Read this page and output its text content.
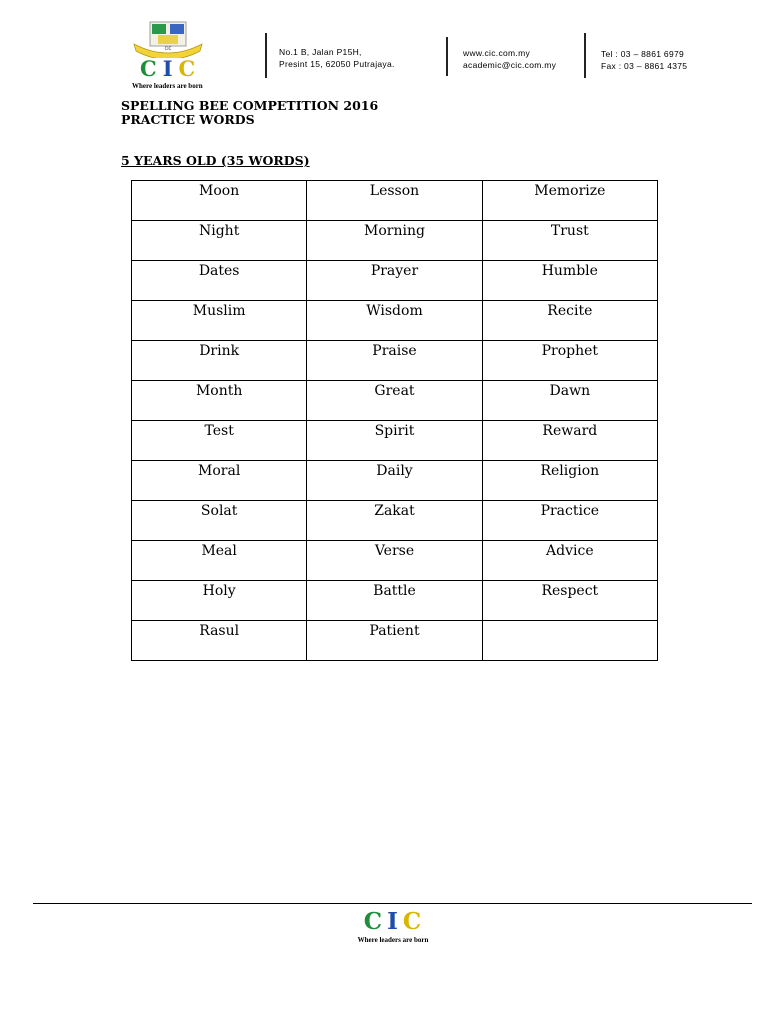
CIC
CIC
Where leaders are born
No.1 B, Jalan P15H,
Presint 15, 62050 Putrajaya.
www.cic.com.my
academic@cic.com.my
Tel : 03 – 8861 6979
Fax : 03 – 8861 4375
SPELLING BEE COMPETITION 2016
PRACTICE WORDS
5 YEARS OLD (35 WORDS)
Moon	Lesson	Memorize
Night	Morning	Trust
Dates	Prayer	Humble
Muslim	Wisdom	Recite
Drink	Praise	Prophet
Month	Great	Dawn
Test	Spirit	Reward
Moral	Daily	Religion
Solat	Zakat	Practice
Meal	Verse	Advice
Holy	Battle	Respect
Rasul	Patient	
CIC
Where leaders are born
